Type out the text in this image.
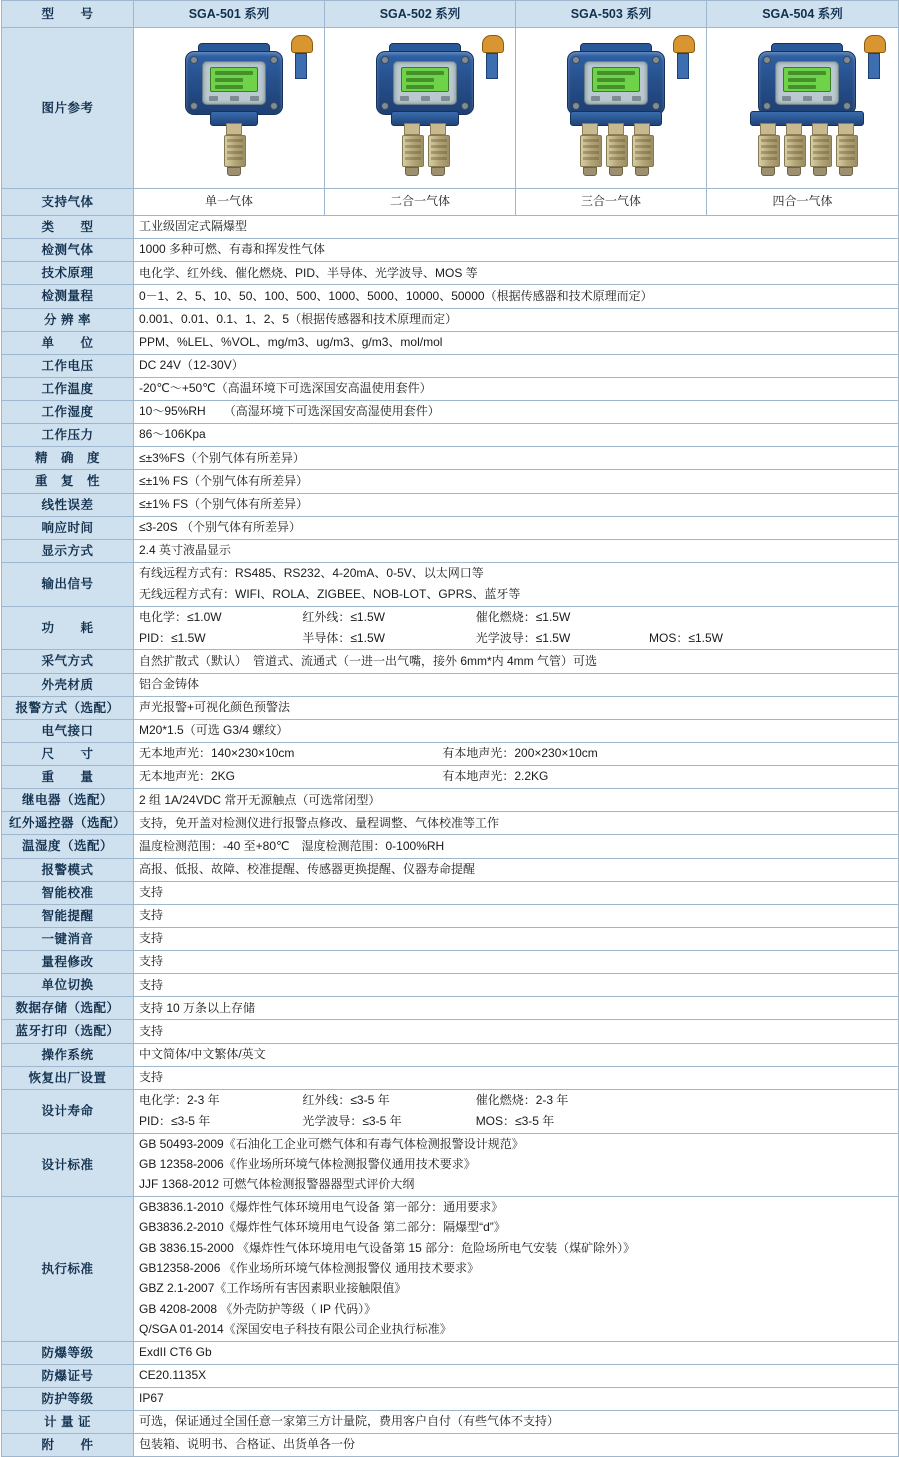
型　　号	SGA-501 系列	SGA-502 系列	SGA-503 系列	SGA-504 系列
图片参考	

支持气体	单一气体	二合一气体	三合一气体	四合一气体
类　　型	工业级固定式隔爆型			
检测气体	1000 多种可燃、有毒和挥发性气体			
技术原理	电化学、红外线、催化燃烧、PID、半导体、光学波导、MOS 等			
检测量程	0－1、2、5、10、50、100、500、1000、5000、10000、50000（根据传感器和技术原理而定）			
分 辨 率	0.001、0.01、0.1、1、2、5（根据传感器和技术原理而定）			
单　　位	PPM、%LEL、%VOL、mg/m3、ug/m3、g/m3、mol/mol			
工作电压	DC 24V（12-30V）			
工作温度	-20℃～+50℃（高温环境下可选深国安高温使用套件）			
工作湿度	10～95%RH　　（高湿环境下可选深国安高湿使用套件）			
工作压力	86～106Kpa			
精　确　度	≤±3%FS（个别气体有所差异）			
重　复　性	≤±1% FS（个别气体有所差异）			
线性误差	≤±1% FS（个别气体有所差异）			
响应时间	≤3-20S （个别气体有所差异）			
显示方式	2.4 英寸液晶显示			
输出信号	有线远程方式有：RS485、RS232、4-20mA、0-5V、以太网口等
无线远程方式有：WIFI、ROLA、ZIGBEE、NOB-LOT、GPRS、蓝牙等			

功　　耗	电化学：≤1.0W 红外线：≤1.5W 催化燃烧：≤1.5W
PID：≤1.5W 半导体：≤1.5W 光学波导：≤1.5W MOS：≤1.5W			

采气方式	自然扩散式（默认）　管道式、流通式（一进一出气嘴，接外 6mm*内 4mm 气管）可选			
外壳材质	铝合金铸体			
报警方式（选配）	声光报警+可视化颜色预警法			
电气接口	M20*1.5（可选 G3/4 螺纹）			
尺　　寸	无本地声光：140×230×10cm 有本地声光：200×230×10cm			
重　　量	无本地声光：2KG 有本地声光：2.2KG			
继电器（选配）	2 组 1A/24VDC 常开无源触点（可选常闭型）			
红外遥控器（选配）	支持，免开盖对检测仪进行报警点修改、量程调整、气体校准等工作			
温湿度（选配）	温度检测范围：-40 至+80℃　湿度检测范围：0-100%RH			
报警模式	高报、低报、故障、校准提醒、传感器更换提醒、仪器寿命提醒			
智能校准	支持			
智能提醒	支持			
一键消音	支持			
量程修改	支持			
单位切换	支持			
数据存储（选配）	支持 10 万条以上存储			
蓝牙打印（选配）	支持			
操作系统	中文简体/中文繁体/英文			
恢复出厂设置	支持			
设计寿命	电化学：2-3 年 红外线：≤3-5 年 催化燃烧：2-3 年
PID：≤3-5 年 光学波导：≤3-5 年 MOS：≤3-5 年			

设计标准	GB 50493-2009《石油化工企业可燃气体和有毒气体检测报警设计规范》
GB 12358-2006《作业场所环境气体检测报警仪通用技术要求》
JJF 1368-2012 可燃气体检测报警器器型式评价大纲			

执行标准	
GB3836.1-2010《爆炸性气体环境用电气设备 第一部分：通用要求》
GB3836.2-2010《爆炸性气体环境用电气设备 第二部分：隔爆型“d”》
GB 3836.15-2000 《爆炸性气体环境用电气设备第 15 部分：危险场所电气安装（煤矿除外）》
GB12358-2006 《作业场所环境气体检测报警仪 通用技术要求》
GBZ 2.1-2007《工作场所有害因素职业接触限值》
GB 4208-2008 《外壳防护等级（ IP 代码）》
Q/SGA 01-2014《深国安电子科技有限公司企业执行标准》

防爆等级	ExdII CT6 Gb			
防爆证号	CE20.1135X			
防护等级	IP67			
计 量 证	可选，保证通过全国任意一家第三方计量院，费用客户自付（有些气体不支持）			
附　　件	包装箱、说明书、合格证、出货单各一份			
